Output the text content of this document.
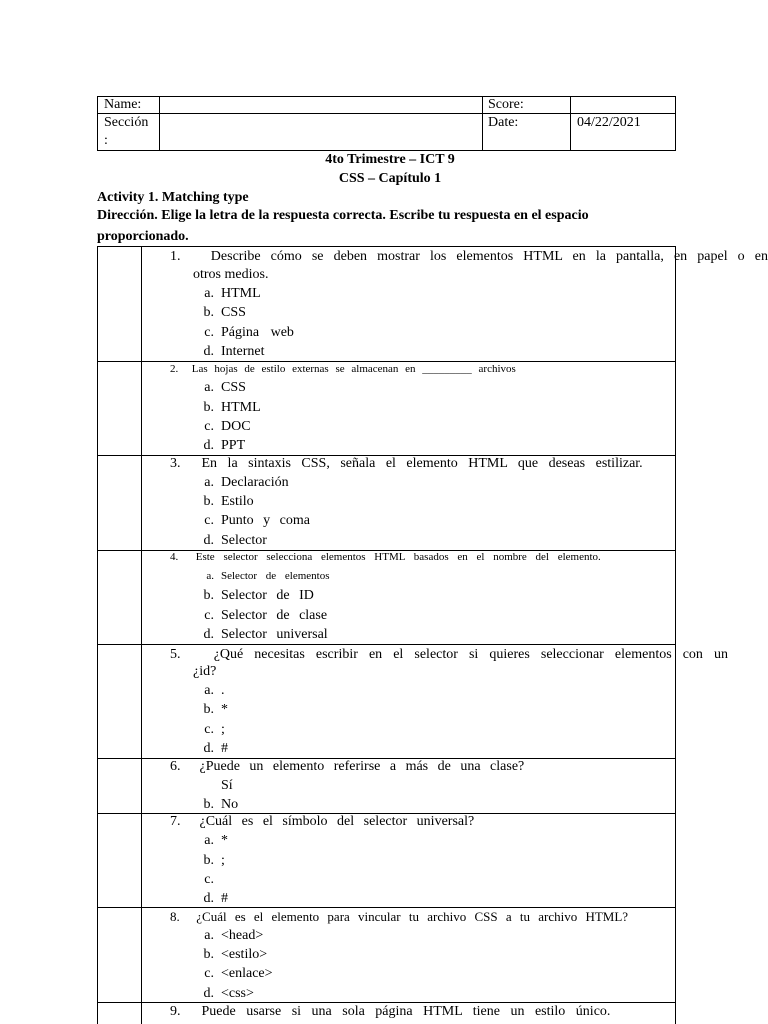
Name:	Score:
Sección
:
Date:	04/22/2021
4to Trimestre – ICT 9
CSS – Capítulo 1
Activity 1. Matching type
Dirección. Elige la letra de la respuesta correcta. Escribe tu respuesta en el espacio
proporcionado.
1. Describe cómo se deben mostrar los elementos HTML en la pantalla, en papel o en
otros medios.
a. HTML
b. CSS
c. Página web
d. Internet
2. Las hojas de estilo externas se almacenan en _________ archivos
a. CSS
b. HTML
c. DOC
d. PPT
3. En la sintaxis CSS, señala el elemento HTML que deseas estilizar.
a. Declaración
b. Estilo
c. Punto y coma
d. Selector
4. Este selector selecciona elementos HTML basados en el nombre del elemento.
a. Selector de elementos
b. Selector de ID
c. Selector de clase
d. Selector universal
5. ¿Qué necesitas escribir en el selector si quieres seleccionar elementos con un
¿id?
a. .
b. *
c. ;
d. #
6. ¿Puede un elemento referirse a más de una clase?
Sí
b. No
7. ¿Cuál es el símbolo del selector universal?
a. *
b. ;
c.
d. #
8. ¿Cuál es el elemento para vincular tu archivo CSS a tu archivo HTML?
a. <head>
b. <estilo>
c. <enlace>
d. <css>
9. Puede usarse si una sola página HTML tiene un estilo único.
